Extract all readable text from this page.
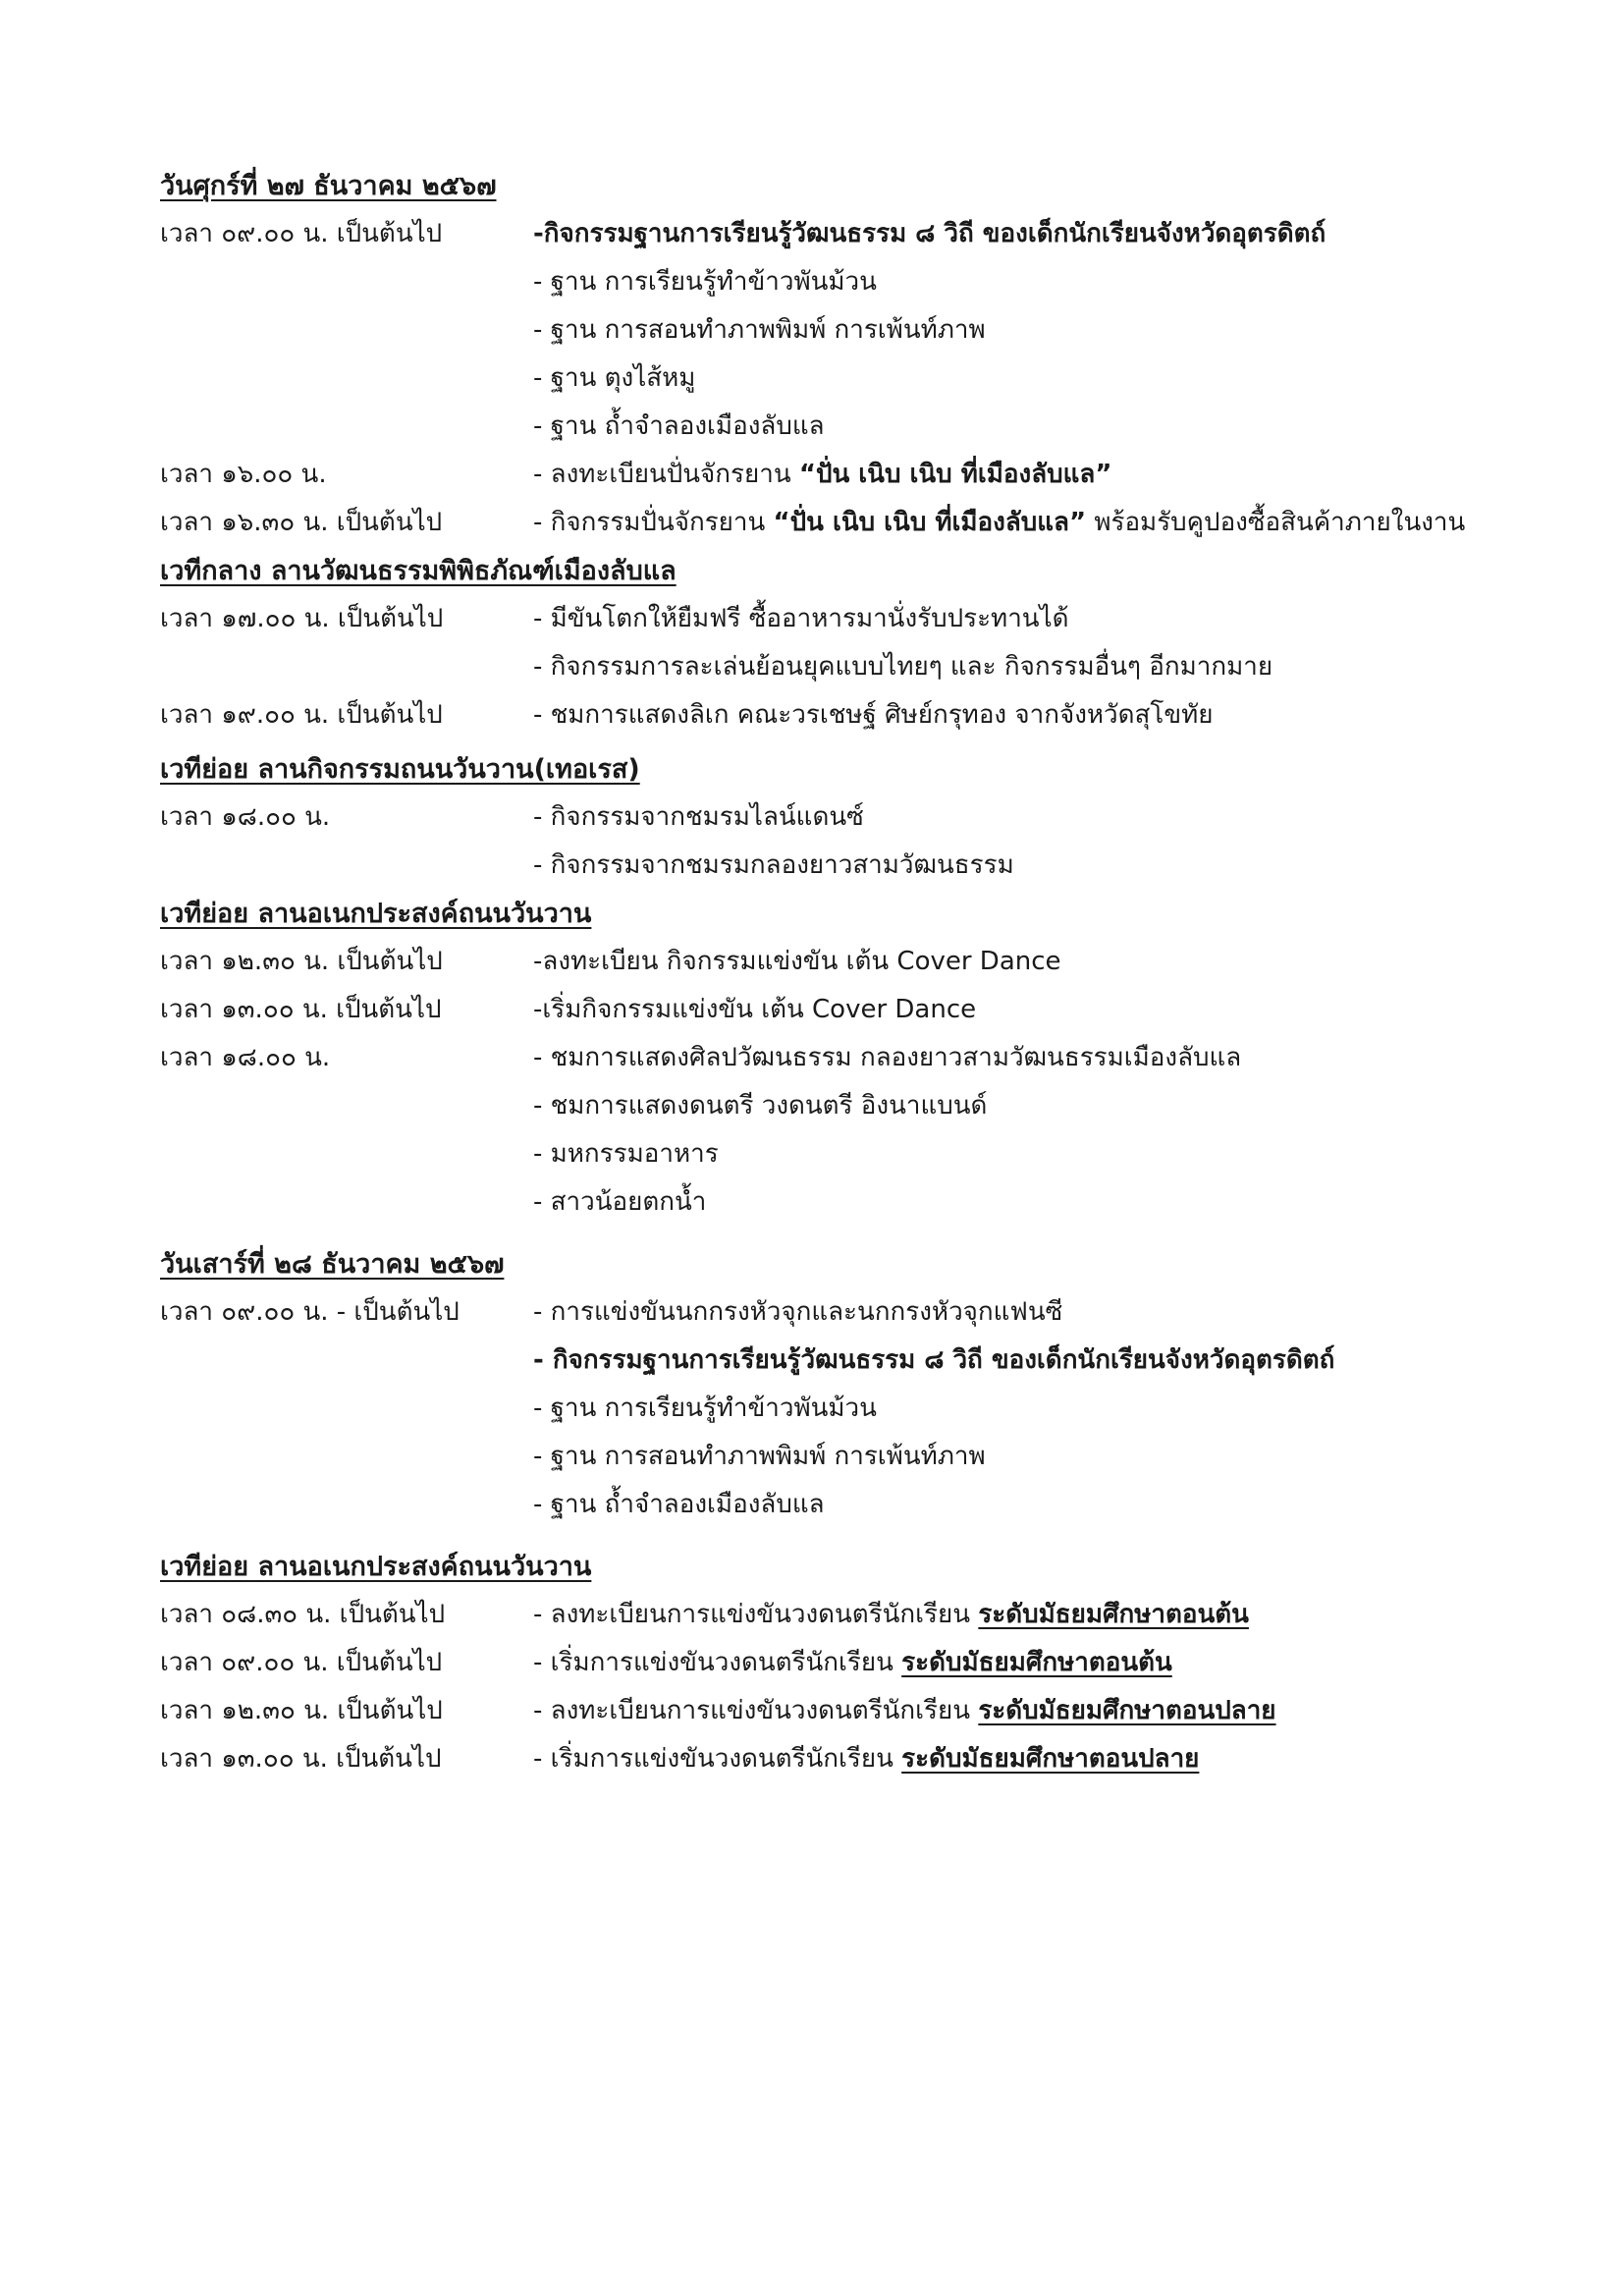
วันศุกร์ที่ ๒๗ ธันวาคม ๒๕๖๗
เวลา ๐๙.๐๐ น. เป็นต้นไป	-กิจกรรมฐานการเรียนรู้วัฒนธรรม ๘ วิถี ของเด็กนักเรียนจังหวัดอุตรดิตถ์
- ฐาน การเรียนรู้ทำข้าวพันม้วน
- ฐาน การสอนทำภาพพิมพ์ การเพ้นท์ภาพ
- ฐาน ตุงไส้หมู
- ฐาน ถ้ำจำลองเมืองลับแล
เวลา ๑๖.๐๐ น.	- ลงทะเบียนปั่นจักรยาน “ปั่น เนิบ เนิบ ที่เมืองลับแล”
เวลา ๑๖.๓๐ น. เป็นต้นไป	- กิจกรรมปั่นจักรยาน “ปั่น เนิบ เนิบ ที่เมืองลับแล” พร้อมรับคูปองซื้อสินค้าภายในงาน
เวทีกลาง ลานวัฒนธรรมพิพิธภัณฑ์เมืองลับแล
เวลา ๑๗.๐๐ น. เป็นต้นไป	- มีขันโตกให้ยืมฟรี ซื้ออาหารมานั่งรับประทานได้
- กิจกรรมการละเล่นย้อนยุคแบบไทยๆ และ กิจกรรมอื่นๆ อีกมากมาย
เวลา ๑๙.๐๐ น. เป็นต้นไป	- ชมการแสดงลิเก คณะวรเชษฐ์ ศิษย์กรุทอง จากจังหวัดสุโขทัย
เวทีย่อย ลานกิจกรรมถนนวันวาน(เทอเรส)
เวลา ๑๘.๐๐ น.	- กิจกรรมจากชมรมไลน์แดนซ์
- กิจกรรมจากชมรมกลองยาวสามวัฒนธรรม
เวทีย่อย ลานอเนกประสงค์ถนนวันวาน
เวลา ๑๒.๓๐ น. เป็นต้นไป	-ลงทะเบียน กิจกรรมแข่งขัน เต้น Cover Dance
เวลา ๑๓.๐๐ น. เป็นต้นไป	-เริ่มกิจกรรมแข่งขัน เต้น Cover Dance
เวลา ๑๘.๐๐ น.	- ชมการแสดงศิลปวัฒนธรรม กลองยาวสามวัฒนธรรมเมืองลับแล
- ชมการแสดงดนตรี วงดนตรี อิงนาแบนด์
- มหกรรมอาหาร
- สาวน้อยตกน้ำ
วันเสาร์ที่ ๒๘ ธันวาคม ๒๕๖๗
เวลา ๐๙.๐๐ น. - เป็นต้นไป	- การแข่งขันนกกรงหัวจุกและนกกรงหัวจุกแฟนซี
- กิจกรรมฐานการเรียนรู้วัฒนธรรม ๘ วิถี ของเด็กนักเรียนจังหวัดอุตรดิตถ์
- ฐาน การเรียนรู้ทำข้าวพันม้วน
- ฐาน การสอนทำภาพพิมพ์ การเพ้นท์ภาพ
- ฐาน ถ้ำจำลองเมืองลับแล
เวทีย่อย ลานอเนกประสงค์ถนนวันวาน
เวลา ๐๘.๓๐ น. เป็นต้นไป	- ลงทะเบียนการแข่งขันวงดนตรีนักเรียน ระดับมัธยมศึกษาตอนต้น
เวลา ๐๙.๐๐ น. เป็นต้นไป	- เริ่มการแข่งขันวงดนตรีนักเรียน ระดับมัธยมศึกษาตอนต้น
เวลา ๑๒.๓๐ น. เป็นต้นไป	- ลงทะเบียนการแข่งขันวงดนตรีนักเรียน ระดับมัธยมศึกษาตอนปลาย
เวลา ๑๓.๐๐ น. เป็นต้นไป	- เริ่มการแข่งขันวงดนตรีนักเรียน ระดับมัธยมศึกษาตอนปลาย
